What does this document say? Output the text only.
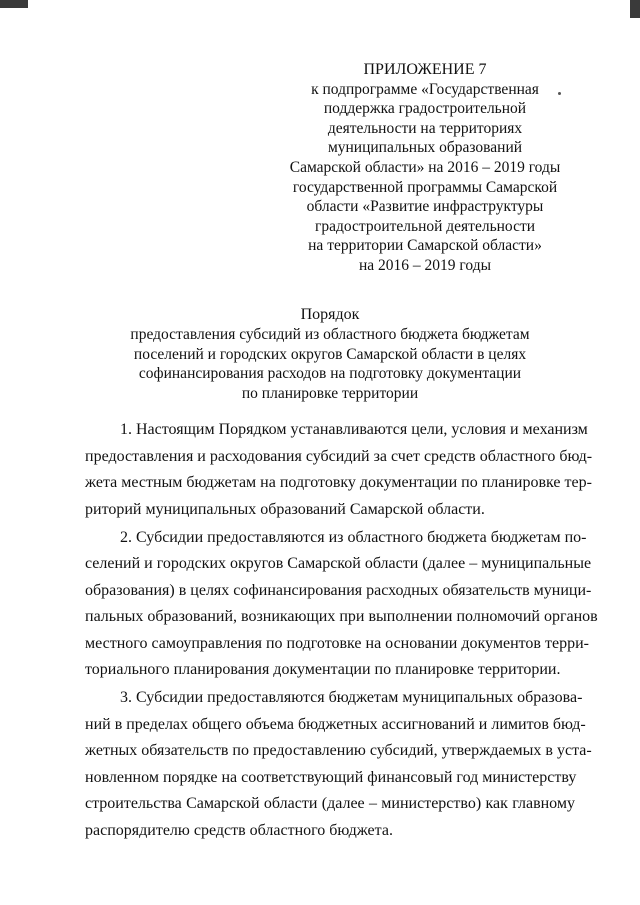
ПРИЛОЖЕНИЕ 7
к подпрограмме «Государственная
поддержка градостроительной
деятельности на территориях
муниципальных образований
Самарской области» на 2016 – 2019 годы
государственной программы Самарской
области «Развитие инфраструктуры
градостроительной деятельности
на территории Самарской области»
на 2016 – 2019 годы
Порядок
предоставления субсидий из областного бюджета бюджетам
поселений и городских округов Самарской области в целях
софинансирования расходов на подготовку документации
по планировке территории
1. Настоящим Порядком устанавливаются цели, условия и механизм
предоставления и расходования субсидий за счет средств областного бюд-
жета местным бюджетам на подготовку документации по планировке тер-
риторий муниципальных образований Самарской области.
2. Субсидии предоставляются из областного бюджета бюджетам по-
селений и городских округов Самарской области (далее – муниципальные
образования) в целях софинансирования расходных обязательств муници-
пальных образований, возникающих при выполнении полномочий органов
местного самоуправления по подготовке на основании документов терри-
ториального планирования документации по планировке территории.
3. Субсидии предоставляются бюджетам муниципальных образова-
ний в пределах общего объема бюджетных ассигнований и лимитов бюд-
жетных обязательств по предоставлению субсидий, утверждаемых в уста-
новленном порядке на соответствующий финансовый год министерству
строительства Самарской области (далее – министерство) как главному
распорядителю средств областного бюджета.
